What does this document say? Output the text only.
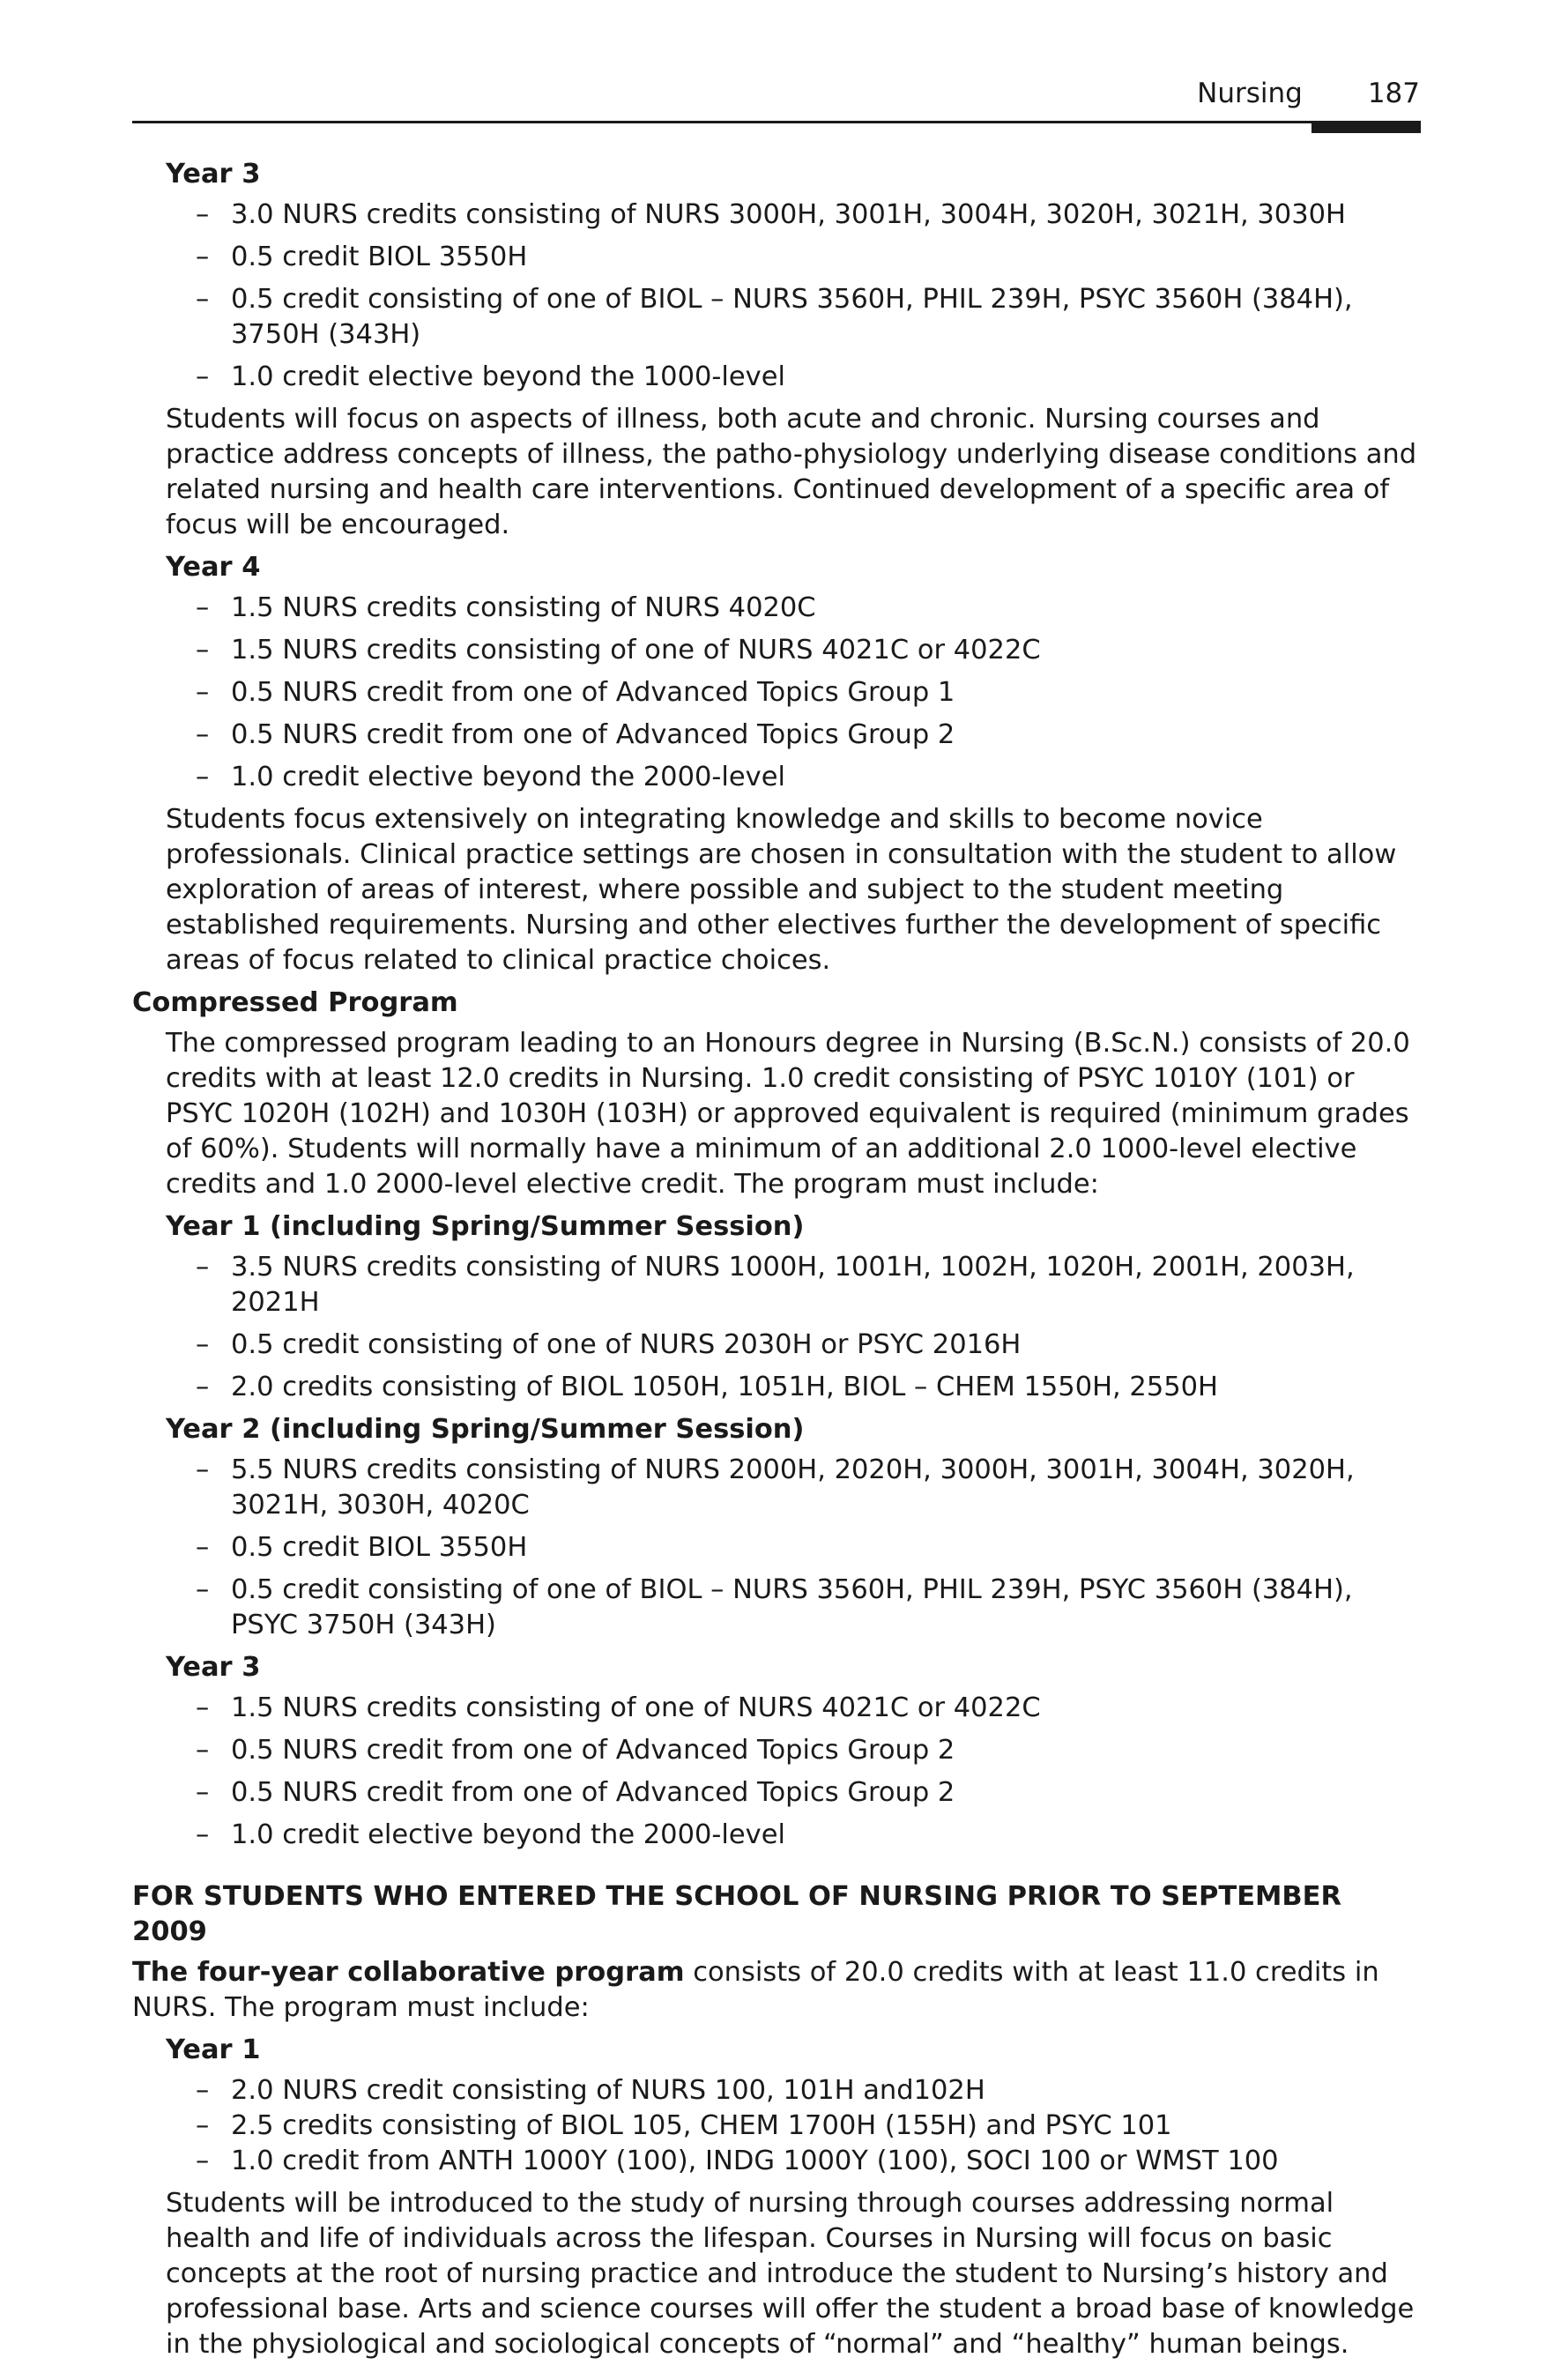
Nursing 187
Year 3
– 3.0 NURS credits consisting of NURS 3000H, 3001H, 3004H, 3020H, 3021H, 3030H
– 0.5 credit BIOL 3550H
– 0.5 credit consisting of one of BIOL – NURS 3560H, PHIL 239H, PSYC 3560H (384H), 3750H (343H)
– 1.0 credit elective beyond the 1000-level

Students will focus on aspects of illness, both acute and chronic. Nursing courses and practice address concepts of illness, the patho-physiology underlying disease conditions and related nursing and health care interventions. Continued development of a specific area of focus will be encouraged.

Year 4
– 1.5 NURS credits consisting of NURS 4020C
– 1.5 NURS credits consisting of one of NURS 4021C or 4022C
– 0.5 NURS credit from one of Advanced Topics Group 1
– 0.5 NURS credit from one of Advanced Topics Group 2
– 1.0 credit elective beyond the 2000-level

Students focus extensively on integrating knowledge and skills to become novice professionals. Clinical practice settings are chosen in consultation with the student to allow exploration of areas of interest, where possible and subject to the student meeting established requirements. Nursing and other electives further the development of specific areas of focus related to clinical practice choices.

Compressed Program

The compressed program leading to an Honours degree in Nursing (B.Sc.N.) consists of 20.0 credits with at least 12.0 credits in Nursing. 1.0 credit consisting of PSYC 1010Y (101) or PSYC 1020H (102H) and 1030H (103H) or approved equivalent is required (minimum grades of 60%). Students will normally have a minimum of an additional 2.0 1000-level elective credits and 1.0 2000-level elective credit. The program must include:

Year 1 (including Spring/Summer Session)
– 3.5 NURS credits consisting of NURS 1000H, 1001H, 1002H, 1020H, 2001H, 2003H, 2021H
– 0.5 credit consisting of one of NURS 2030H or PSYC 2016H
– 2.0 credits consisting of BIOL 1050H, 1051H, BIOL – CHEM 1550H, 2550H
Year 2 (including Spring/Summer Session)
– 5.5 NURS credits consisting of NURS 2000H, 2020H, 3000H, 3001H, 3004H, 3020H, 3021H, 3030H, 4020C
– 0.5 credit BIOL 3550H
– 0.5 credit consisting of one of BIOL – NURS 3560H, PHIL 239H, PSYC 3560H (384H), PSYC 3750H (343H)
Year 3
– 1.5 NURS credits consisting of one of NURS 4021C or 4022C
– 0.5 NURS credit from one of Advanced Topics Group 2
– 0.5 NURS credit from one of Advanced Topics Group 2
– 1.0 credit elective beyond the 2000-level
FOR STUDENTS WHO ENTERED THE SCHOOL OF NURSING PRIOR TO SEPTEMBER 2009

The four-year collaborative program consists of 20.0 credits with at least 11.0 credits in NURS. The program must include:

Year 1
– 2.0 NURS credit consisting of NURS 100, 101H and102H
– 2.5 credits consisting of BIOL 105, CHEM 1700H (155H) and PSYC 101
– 1.0 credit from ANTH 1000Y (100), INDG 1000Y (100), SOCI 100 or WMST 100

Students will be introduced to the study of nursing through courses addressing normal health and life of individuals across the lifespan. Courses in Nursing will focus on basic concepts at the root of nursing practice and introduce the student to Nursing’s history and professional base. Arts and science courses will offer the student a broad base of knowledge in the physiological and sociological concepts of “normal” and “healthy” human beings.
